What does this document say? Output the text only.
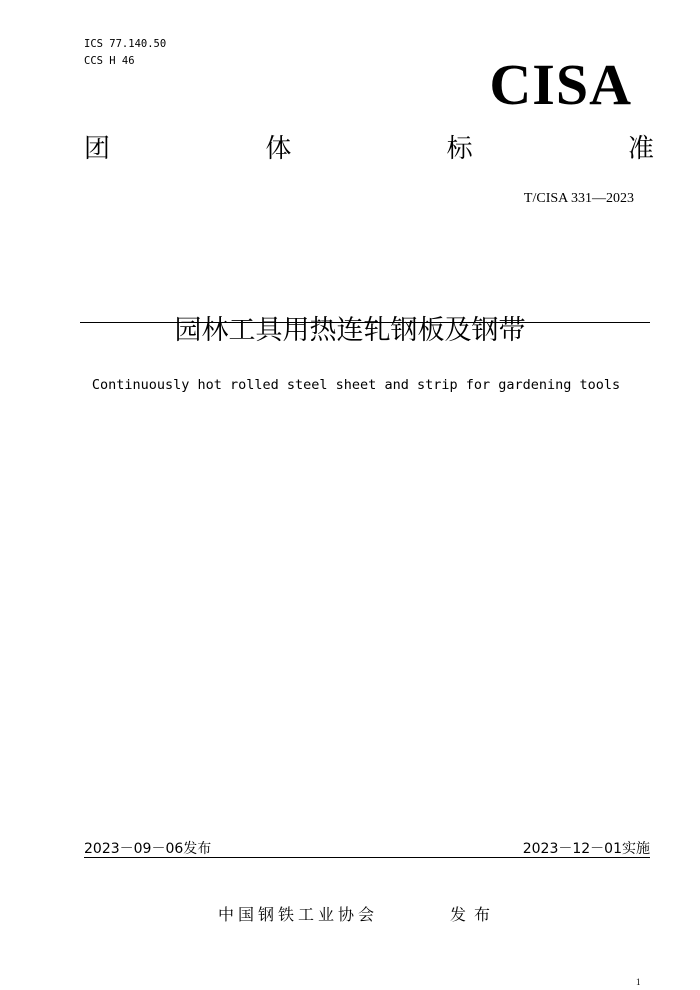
ICS 77.140.50
CCS H 46	CISA
团	体	标	准
T/CISA 331—2023
园林工具用热连轧钢板及钢带
Continuously hot rolled steel sheet and strip for gardening tools
2023－09－06发布	2023－12－01实施
中国钢铁工业协会	发布
1
